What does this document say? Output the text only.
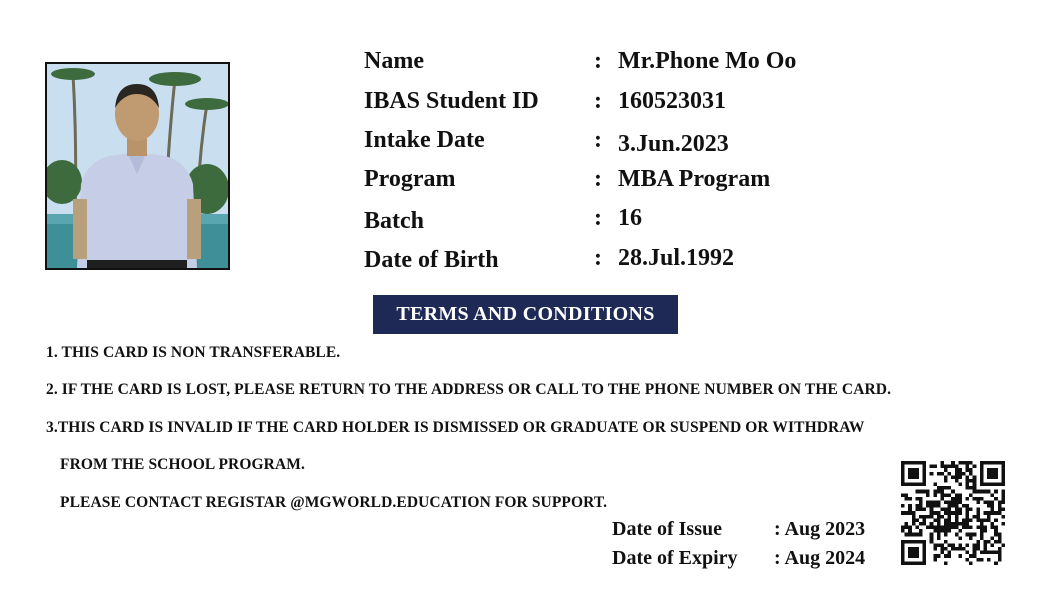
Name	: Mr.Phone Mo Oo
IBAS Student ID : 160523031
Intake Date	: 3.Jun.2023
Program	: MBA Program
Batch	: 16
Date of Birth	: 28.Jul.1992
TERMS AND CONDITIONS
1. THIS CARD IS NON TRANSFERABLE.
2. IF THE CARD IS LOST, PLEASE RETURN TO THE ADDRESS OR CALL TO THE PHONE NUMBER ON THE CARD.
3.THIS CARD IS INVALID IF THE CARD HOLDER IS DISMISSED OR GRADUATE OR SUSPEND OR WITHDRAW
FROM THE SCHOOL PROGRAM.
PLEASE CONTACT REGISTAR @MGWORLD.EDUCATION FOR SUPPORT.
Date of Issue	: Aug 2023
Date of Expiry : Aug 2024
